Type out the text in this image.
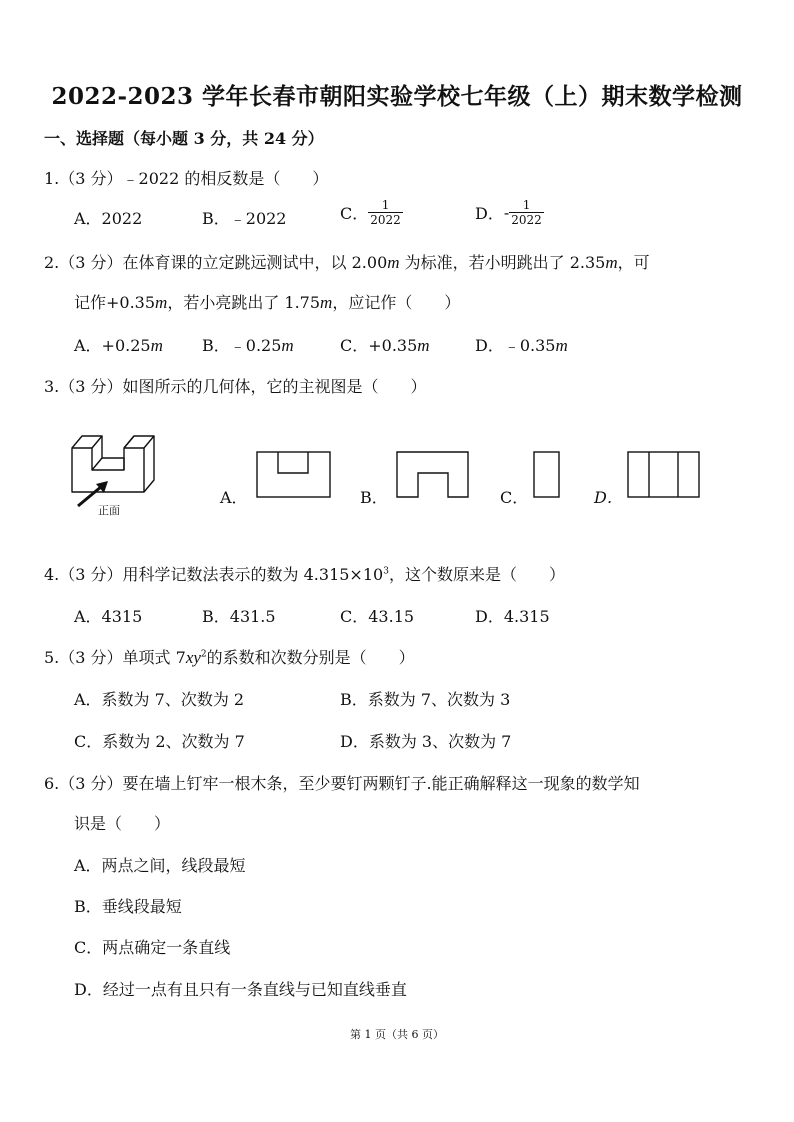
2022-2023 学年长春市朝阳实验学校七年级（上）期末数学检测
一、选择题（每小题 3 分，共 24 分）
1.（3 分）﹣2022 的相反数是（　　）
A．2022	B．﹣2022	C． $\frac{1}{2022}$	D．- $\frac{1}{2022}$
2.（3 分）在体育课的立定跳远测试中，以 2.00m 为标准，若小明跳出了 2.35m，可
记作+0.35m，若小亮跳出了 1.75m，应记作（　　）
A．+0.25m B．﹣0.25m	C．+0.35m	D．﹣0.35m
3.（3 分）如图所示的几何体，它的主视图是（　　）
正面
A．	B．	C．	D．
4.（3 分）用科学记数法表示的数为 $4.315\times 10^3$，这个数原来是（　　）
A．4315	B．431.5	C．43.15	D．4.315
5.（3 分）单项式 $7xy^2$的系数和次数分别是（　　）
A．系数为 7、次数为 2	B．系数为 7、次数为 3
C．系数为 2、次数为 7	D．系数为 3、次数为 7
6.（3 分）要在墙上钉牢一根木条，至少要钉两颗钉子.能正确解释这一现象的数学知
识是（　　）
A．两点之间，线段最短
B．垂线段最短
C．两点确定一条直线
D．经过一点有且只有一条直线与已知直线垂直
第 1 页（共 6 页）
